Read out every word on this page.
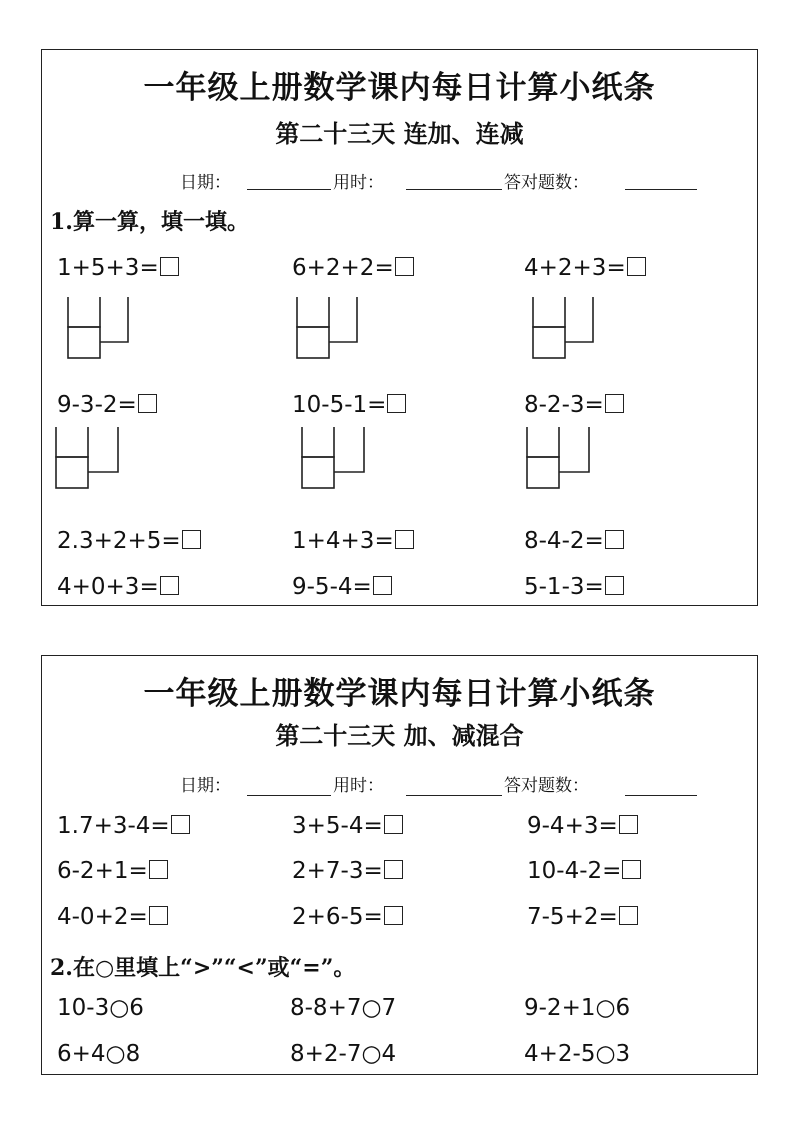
一年级上册数学课内每日计算小纸条
第二十三天 连加、连减
日期：	用时：	答对题数：
1.算一算，填一填。
1+5+3=	6+2+2=	4+2+3=
9-3-2=	10-5-1=	8-2-3=
2.3+2+5=	1+4+3=	8-4-2=
4+0+3=	9-5-4=	5-1-3=
一年级上册数学课内每日计算小纸条
第二十三天 加、减混合
日期：	用时：	答对题数：
1.7+3-4=	3+5-4=	9-4+3=
6-2+1=	2+7-3=	10-4-2=
4-0+2=	2+6-5=	7-5+2=
2.在○里填上“>”“<”或“=”。
10-3○6	8-8+7○7	9-2+1○6
6+4○8	8+2-7○4	4+2-5○3
